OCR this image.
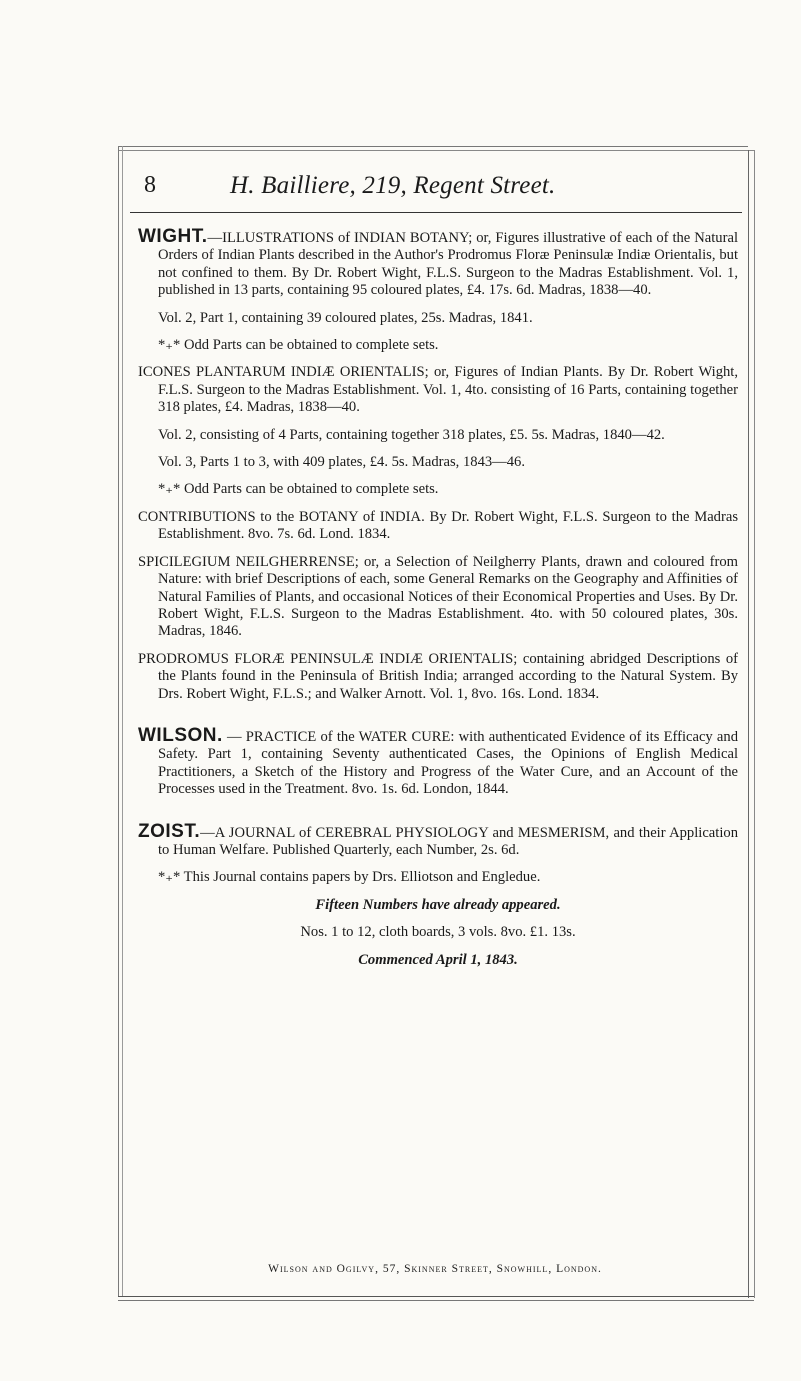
8	H. Bailliere, 219, Regent Street.
WIGHT.—ILLUSTRATIONS of INDIAN BOTANY; or, Figures illustrative of each of the Natural Orders of Indian Plants described in the Author's Prodromus Floræ Peninsulæ Indiæ Orientalis, but not confined to them. By Dr. Robert Wight, F.L.S. Surgeon to the Madras Establishment. Vol. 1, published in 13 parts, containing 95 coloured plates, £4. 17s. 6d. Madras, 1838—40.
Vol. 2, Part 1, containing 39 coloured plates, 25s. Madras, 1841.
*₊* Odd Parts can be obtained to complete sets.
ICONES PLANTARUM INDIÆ ORIENTALIS; or, Figures of Indian Plants. By Dr. Robert Wight, F.L.S. Surgeon to the Madras Establishment. Vol. 1, 4to. consisting of 16 Parts, containing together 318 plates, £4. Madras, 1838—40.
Vol. 2, consisting of 4 Parts, containing together 318 plates, £5. 5s. Madras, 1840—42.
Vol. 3, Parts 1 to 3, with 409 plates, £4. 5s. Madras, 1843—46.
*₊* Odd Parts can be obtained to complete sets.
CONTRIBUTIONS to the BOTANY of INDIA. By Dr. Robert Wight, F.L.S. Surgeon to the Madras Establishment. 8vo. 7s. 6d. Lond. 1834.
SPICILEGIUM NEILGHERRENSE; or, a Selection of Neilgherry Plants, drawn and coloured from Nature: with brief Descriptions of each, some General Remarks on the Geography and Affinities of Natural Families of Plants, and occasional Notices of their Economical Properties and Uses. By Dr. Robert Wight, F.L.S. Surgeon to the Madras Establishment. 4to. with 50 coloured plates, 30s. Madras, 1846.
PRODROMUS FLORÆ PENINSULÆ INDIÆ ORIENTALIS; containing abridged Descriptions of the Plants found in the Peninsula of British India; arranged according to the Natural System. By Drs. Robert Wight, F.L.S.; and Walker Arnott. Vol. 1, 8vo. 16s. Lond. 1834.
WILSON. — PRACTICE of the WATER CURE: with authenticated Evidence of its Efficacy and Safety. Part 1, containing Seventy authenticated Cases, the Opinions of English Medical Practitioners, a Sketch of the History and Progress of the Water Cure, and an Account of the Processes used in the Treatment. 8vo. 1s. 6d. London, 1844.
ZOIST.—A JOURNAL of CEREBRAL PHYSIOLOGY and MESMERISM, and their Application to Human Welfare. Published Quarterly, each Number, 2s. 6d.
*₊* This Journal contains papers by Drs. Elliotson and Engledue.
Fifteen Numbers have already appeared.
Nos. 1 to 12, cloth boards, 3 vols. 8vo. £1. 13s.
Commenced April 1, 1843.
Wilson and Ogilvy, 57, Skinner Street, Snowhill, London.
